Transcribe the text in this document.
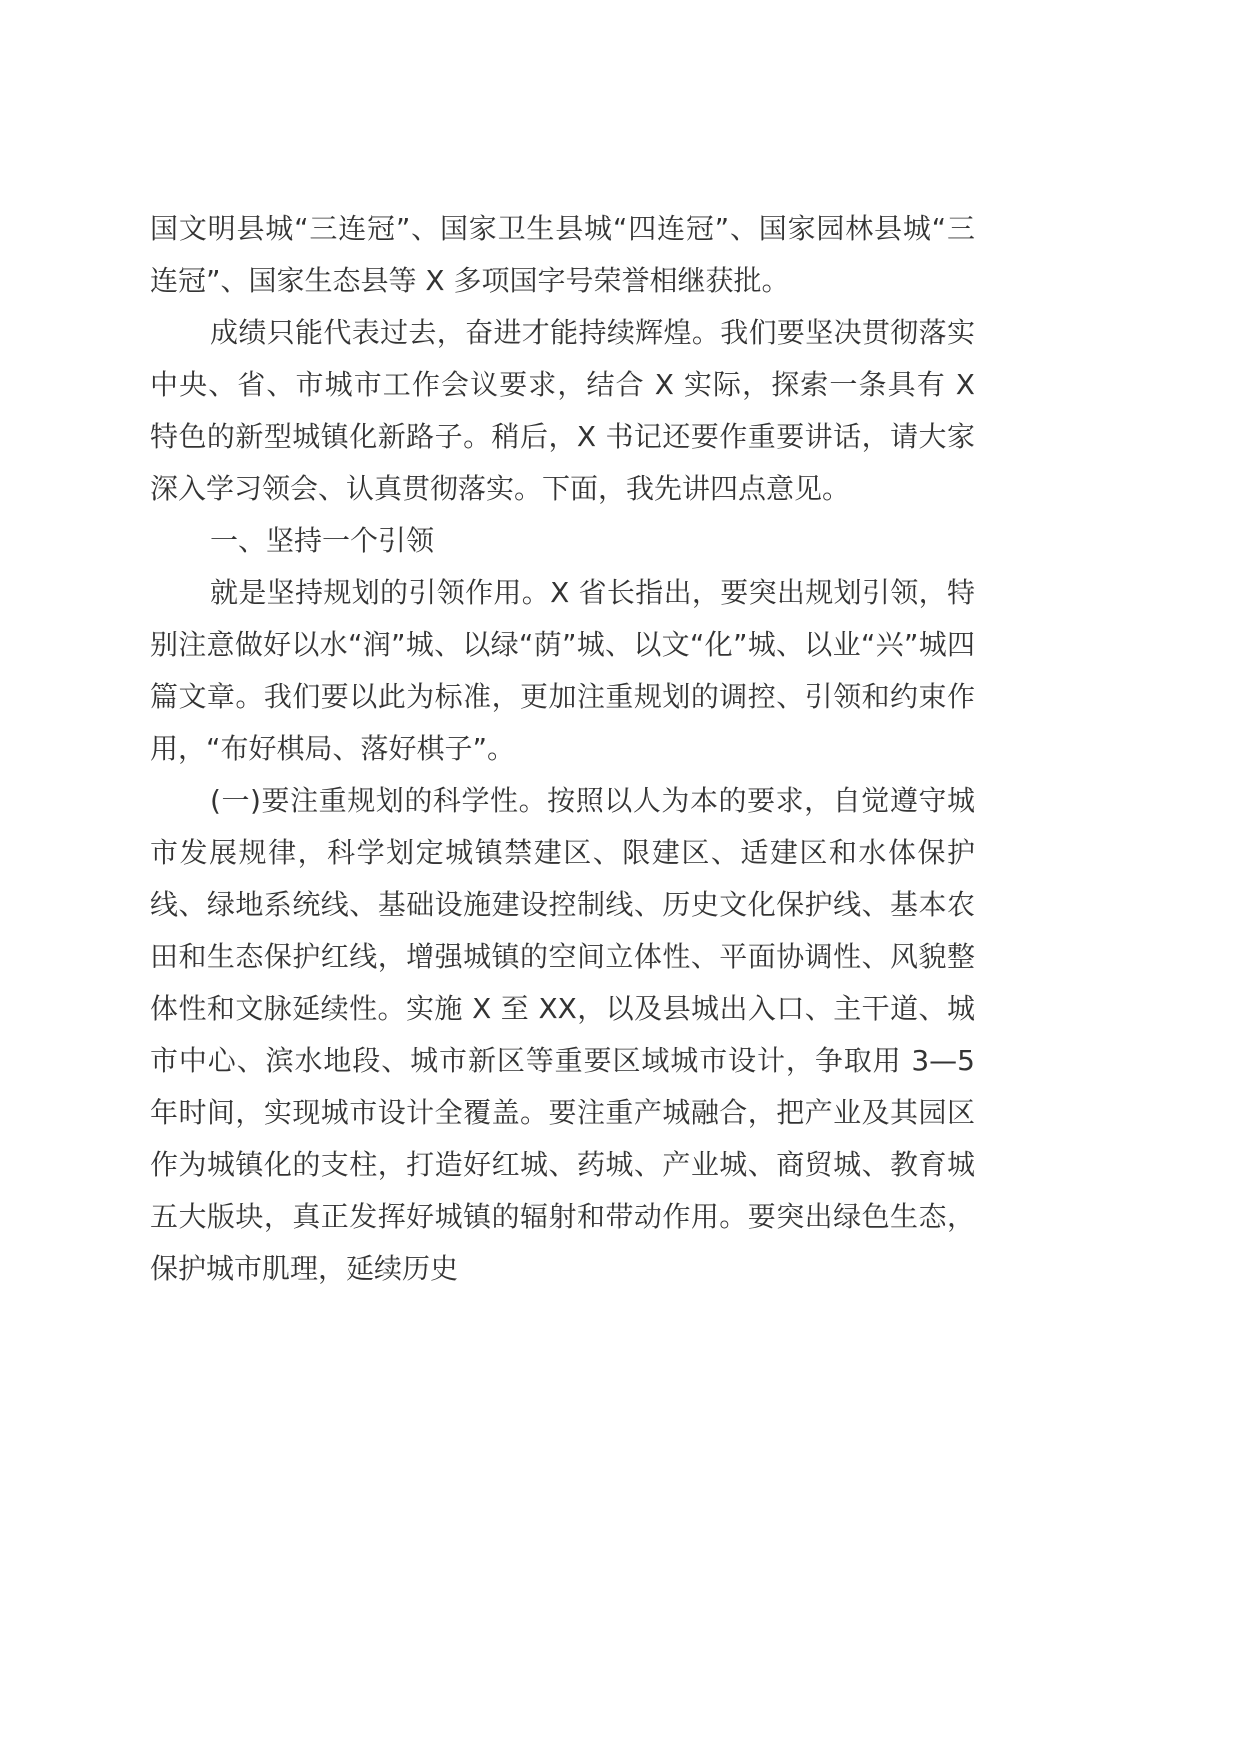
国文明县城“三连冠”、国家卫生县城“四连冠”、国家园林县城“三连冠”、国家生态县等 X 多项国字号荣誉相继获批。

成绩只能代表过去，奋进才能持续辉煌。我们要坚决贯彻落实中央、省、市城市工作会议要求，结合 X 实际，探索一条具有 X 特色的新型城镇化新路子。稍后，X 书记还要作重要讲话，请大家深入学习领会、认真贯彻落实。下面，我先讲四点意见。

一、坚持一个引领

就是坚持规划的引领作用。X 省长指出，要突出规划引领，特别注意做好以水“润”城、以绿“荫”城、以文“化”城、以业“兴”城四篇文章。我们要以此为标准，更加注重规划的调控、引领和约束作用，“布好棋局、落好棋子”。

(一)要注重规划的科学性。按照以人为本的要求，自觉遵守城市发展规律，科学划定城镇禁建区、限建区、适建区和水体保护线、绿地系统线、基础设施建设控制线、历史文化保护线、基本农田和生态保护红线，增强城镇的空间立体性、平面协调性、风貌整体性和文脉延续性。实施 X 至 XX，以及县城出入口、主干道、城市中心、滨水地段、城市新区等重要区域城市设计，争取用 3—5 年时间，实现城市设计全覆盖。要注重产城融合，把产业及其园区作为城镇化的支柱，打造好红城、药城、产业城、商贸城、教育城五大版块，真正发挥好城镇的辐射和带动作用。要突出绿色生态，保护城市肌理，延续历史
